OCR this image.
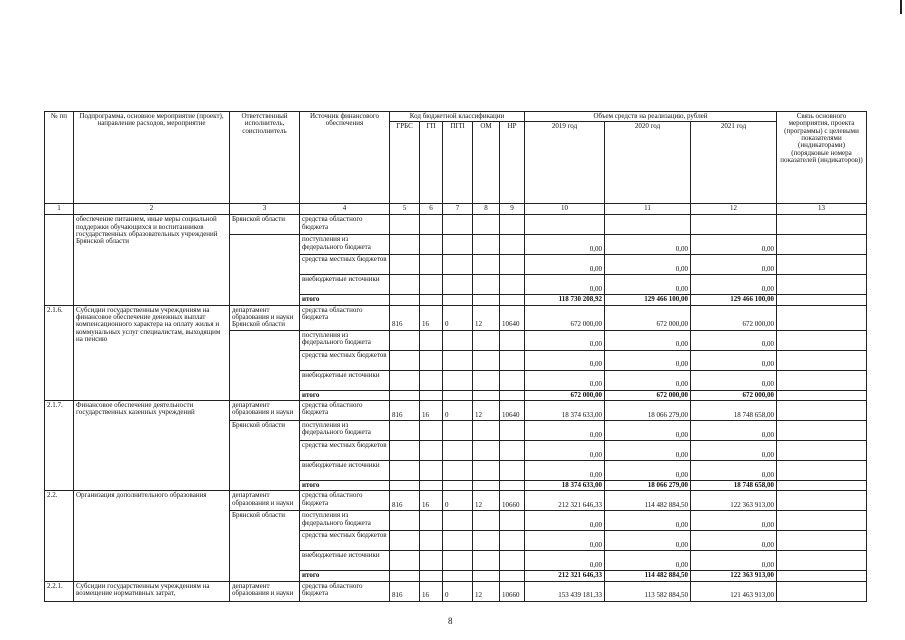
№ пп	Подпрограмма, основное мероприятие (проект), направление расходов, мероприятие	Ответственный исполнитель, соисполнитель	Источник финансового обеспечения	Код бюджетной классификации					Объем средств на реализацию, рублей			Связь основного мероприятия, проекта (программы) с целевыми показателями (индикаторами) (порядковые номера показателей (индикаторов))
				ГРБС	ГП	ПГП	ОМ	НР	2019 год	2020 год	2021 год	
1	2	3	4	5	6	7	8	9	10	11	12	13
	обеспечение питанием, иные меры социальной поддержки обучающихся и воспитанников государственных образовательных учреждений Брянской области	Брянской области	средства областного бюджета									
			поступления из федерального бюджета						0,00	0,00	0,00	
			средства местных бюджетов						0,00	0,00	0,00	
			внебюджетные источники						0,00	0,00	0,00	
			итого						118 730 208,92	129 466 100,00	129 466 100,00	
2.1.6.	Субсидии государственным учреждениям на финансовое обеспечение денежных выплат компенсационного характера на оплату жилья и коммунальных услуг специалистам, выходящим на пенсию	департамент образования и науки Брянской области	средства областного бюджета	816	16	0	12	10640	672 000,00	672 000,00	672 000,00	
			поступления из федерального бюджета						0,00	0,00	0,00	
			средства местных бюджетов						0,00	0,00	0,00	
			внебюджетные источники						0,00	0,00	0,00	
			итого						672 000,00	672 000,00	672 000,00	
2.1.7.	Финансовое обеспечение деятельности государственных казенных учреждений	департамент образования и науки	средства областного бюджета	816	16	0	12	10640	18 374 633,00	18 066 279,00	18 748 658,00	
		Брянской области	поступления из федерального бюджета						0,00	0,00	0,00	
			средства местных бюджетов						0,00	0,00	0,00	
			внебюджетные источники						0,00	0,00	0,00	
			итого						18 374 633,00	18 066 279,00	18 748 658,00	
2.2.	Организация дополнительного образования	департамент образования и науки	средства областного бюджета	816	16	0	12	10660	212 321 646,33	114 482 884,50	122 363 913,00	
		Брянской области	поступления из федерального бюджета						0,00	0,00	0,00	
			средства местных бюджетов						0,00	0,00	0,00	
			внебюджетные источники						0,00	0,00	0,00	
			итого						212 321 646,33	114 482 884,50	122 363 913,00	
2.2.1.	Субсидии государственным учреждениям на возмещение нормативных затрат,	департамент образования и науки	средства областного бюджета	816	16	0	12	10660	153 439 181,33	113 582 884,50	121 463 913,00	
8
